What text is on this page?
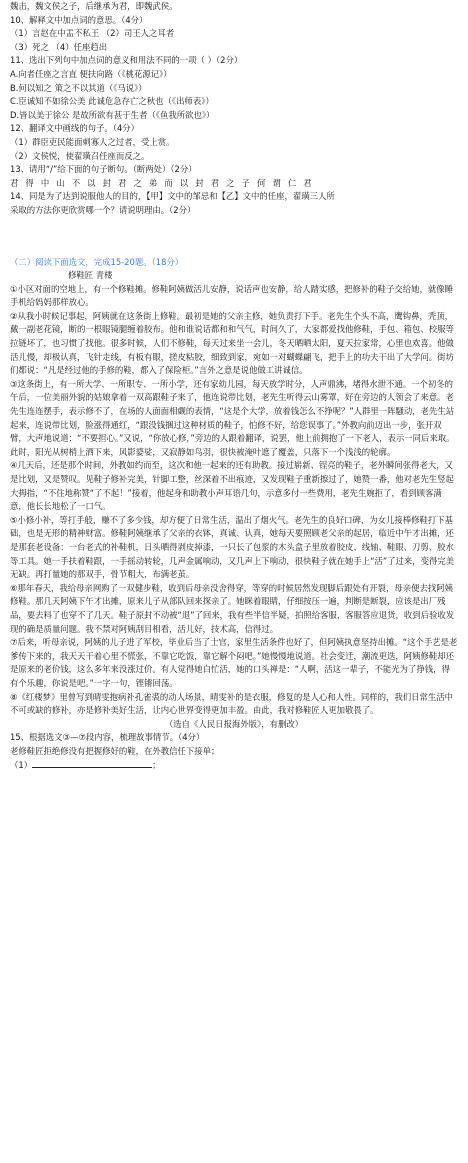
魏击，魏文侯之子，后继承为君，即魏武侯。
10、解释文中加点词的意思。（4分）
（1）言赵在中盂不私王 （2）司王人之耳者
（3）死之 （4）任座趋出
11、选出下列句中加点词的意义和用法不同的一项（ ）（2分）
A.向者任座之言直 便扶向路（《桃花源记》）
B.何以知之 策之不以其道（《马说》）
C.臣诚知不如徐公美 此诚危急存亡之秋也（《出师表》）
D.皆以美于徐公 是故所欲有甚于生者（《鱼我所欲也》）
12、翻译文中画线的句子。（4分）
（1）群臣吏民能面刺寡人之过者，受上赏。
（2）文侯悦，使翟璜召任座而反之。
13、请用“/”给下面的句子断句。（断两处）（2分）
君 得 中 山 不 以 封 君 之 弟 而 以 封 君 之 子 何 谓 仁 君
14、同是为了达到说服他人的目的，【甲】文中的邹忌和【乙】文中的任座，翟璜三人所
采取的方法你更欣赏哪一个？请说明理由。（2分）
（二）阅读下面选文，完成15-20题。（18分）
修鞋匠 青楼
①小区对面的空地上，有一个修鞋摊。修鞋阿姨做活儿安静，说话声也安静，给人踏实感，把修补的鞋子交给她，就像睡手机给妈妈那样放心。
②从我小时候记事起，阿姨就在这条街上修鞋。最初是她的父亲主修，她负责打下手。老先生个头不高，鹰钩鼻，秃顶，戴一副老花镜，断的一根眼镜腿缠着胶布。他和谁说话都和和气气，时间久了，大家都爱找他修鞋，手包、箱包、校服等拉链坏了，也习惯了找他。很多时候，人们不修鞋，每天过来坐一会儿，冬天晒晒太阳，夏天拉家常，心里也欢喜。他做活儿慢，却极认真，飞针走线，有板有眼，搓皮粘胶，细致到家，宛如一对蝴蝶翩飞，把手上的功夫干出了大学问。街坊们都说：“凡是经过他的手修的鞋，都入了保险柜。”言外之意是说他做工讲诚信。
③这条街上，有一所大学、一所职专、一所小学，还有家幼儿园，每天放学时分，人声鼎沸，堵得水泄不通。一个初冬的午后，一位美丽外貌的姑娘拿着一双高跟鞋子来了，他连说带比划，老先生听得云山雾罩，好在旁边的人领会了来意。老先生连连摆手，表示修不了，在场的人面面相觑的表情，“这是个大学，放着钱怎么不挣呢？”人群里一阵騒动，老先生站起来，连说带比划，脸涨得通红，“跟没钱捆过这种材质的鞋子，怕修不好，给您误事了。”外教向前迈出一步，张开双臂，大声地说道：“不要担心。”又说，“你放心修，”旁边的人跟着翻译，说罢，他上前拥抱了一下老人，表示一同后来取。此时，阳光从树梢上洒下来，风影婆娑，又寂静如鸟羽，很快被淹叶遮了覆盖，只落下一个浅浅的轮廓。
④几天后，还是那个时间，外教如约而至，这次和他一起来的还有助教。接过崭新、锃亮的鞋子，老外瞬间张得老大，又是比划，又是赞叹。见鞋子修补完美，针脚工整，丝深着不出痕迹，又发现鞋子重新擦过了，她赞一番，他对老先生竖起大拇指，“不住地称赞“了不起！”接着，他起身和助教小声耳语几句，示意多付一些费用，老先生婉拒了，看到顾客满意，他长长地松了一口气。
⑤小修小补，等打手般，赚不了多少钱，却方便了日常生活，温出了烟火气。老先生的良好口碑，为女儿接棒修鞋打下基础，也是无形的精神财富。修鞋阿姨继承了父亲的衣钵，真诚、认真，她每天要照顾老父亲的起居，临近中午才出摊，还是那套老设备：一台老式的补鞋机，日头晒得剥皮掉漆，一只长了包浆的木头盒子里放着胶皮、线轴、鞋眼、刀剪、胶水等工具。她一手扶着鞋跟，一手摇动转轮，几声金属响动，又几声上下响动，很快鞋子就在她手上“活”了过来，变得完美无缺。再打量她的那双手，骨节粗大，布满老茧。
⑥那年春天，我给母亲网购了一双健步鞋，收到后母亲没舍得穿，等穿的时候居然发现脚后跟处有开裂，母亲便去找阿姨修鞋。那几天阿姨下午才出摊，原来儿子从部队回来探亲了。她眯着眼睛，仔细按压一遍，判断是断裂，应该是出厂残品，要去料了也穿不了几天。鞋子原封不动被“退”了回来，我有些半信半疑，拍照给客服，客服答应退货，收到后验收发现的确是质量问题。我不禁对阿姨刮目相看，活儿好，技术高，信得过。
⑦后来，听母亲说，阿姨的儿子进了军校，毕业后当了士官，家里生活条件也好了，但阿姨执意坚持出摊。“这个手艺是老爹传下来的，我天天干着心里不慌张，不靠它吃饭，靠它解个闷吧。”她慢慢地说道。社会变迁，潮流更迭，阿姨修鞋却还是原来的老价钱，这么多年来没涨过价。有人觉得她白忙活，她的口头禅是：“人啊，活这一辈子，不能光为了挣钱，得有个乐趣，你说是吧。”一字一句，铿锵回荡。
⑧《红楼梦》里曾写到晴雯抱病补孔雀裘的动人场景，晴雯补的是衣服，修复的是人心和人性。同样的，我们日常生活中不可或缺的修补，亦是修补美好生活，让内心世界变得更加丰盈。由此，我对修鞋匠人更加敬畏了。
（选自《人民日报海外版》，有删改）
15、根据选文③—⑦段内容，梳理故事情节。（4分）
老修鞋匠拒绝修没有把握修好的鞋，在外教信任下接单；
（1）	；
